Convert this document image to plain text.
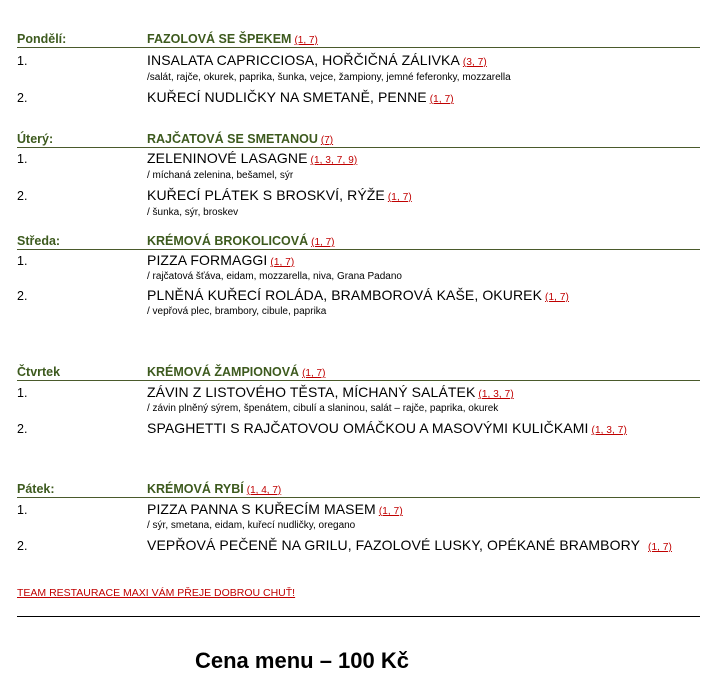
Pondělí:	FAZOLOVÁ SE ŠPEKEM (1, 7)
1.	INSALATA CAPRICCIOSA, HOŘČIČNÁ ZÁLIVKA (3, 7)
/salát, rajče, okurek, paprika, šunka, vejce, žampiony, jemné feferonky, mozzarella
2.	KUŘECÍ NUDLIČKY NA SMETANĚ, PENNE (1, 7)
Úterý:	RAJČATOVÁ SE SMETANOU (7)
1.	ZELENINOVÉ LASAGNE (1, 3, 7, 9)
/ míchaná zelenina, bešamel, sýr
2.	KUŘECÍ PLÁTEK S BROSKVÍ, RÝŽE (1, 7)
/ šunka, sýr, broskev
Středa:	KRÉMOVÁ BROKOLICOVÁ (1, 7)
1.	PIZZA FORMAGGI (1, 7)
/ rajčatová šťáva, eidam, mozzarella, niva, Grana Padano
2.	PLNĚNÁ KUŘECÍ ROLÁDA, BRAMBOROVÁ KAŠE, OKUREK (1, 7)
/ vepřová plec, brambory, cibule, paprika
Čtvrtek	KRÉMOVÁ ŽAMPIONOVÁ (1, 7)
1.	ZÁVIN Z LISTOVÉHO TĚSTA, MÍCHANÝ SALÁTEK (1, 3, 7)
/ závin plněný sýrem, špenátem, cibulí a slaninou, salát – rajče, paprika, okurek
2.	SPAGHETTI S RAJČATOVOU OMÁČKOU A MASOVÝMI KULIČKAMI (1, 3, 7)
Pátek:	KRÉMOVÁ RYBÍ (1, 4, 7)
1.	PIZZA PANNA S KUŘECÍM MASEM (1, 7)
/ sýr, smetana, eidam, kuřecí nudličky, oregano
2.	VEPŘOVÁ PEČENĚ NA GRILU, FAZOLOVÉ LUSKY, OPÉKANÉ BRAMBORY (1, 7)
TEAM RESTAURACE MAXI VÁM PŘEJE DOBROU CHUŤ!
Cena menu – 100 Kč
